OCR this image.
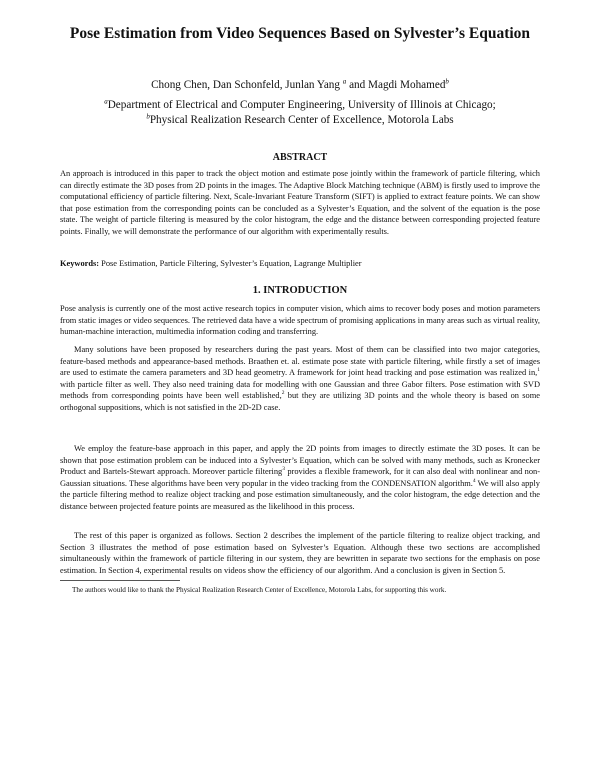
Pose Estimation from Video Sequences Based on Sylvester’s Equation
Chong Chen, Dan Schonfeld, Junlan Yang $^a$ and Magdi Mohamed$^b$
$^a$Department of Electrical and Computer Engineering, University of Illinois at Chicago;
$^b$Physical Realization Research Center of Excellence, Motorola Labs
ABSTRACT

An approach is introduced in this paper to track the object motion and estimate pose jointly within the framework of particle filtering, which can directly estimate the 3D poses from 2D points in the images. The Adaptive Block Matching technique (ABM) is firstly used to improve the computational efficiency of particle filtering. Next, Scale-Invariant Feature Transform (SIFT) is applied to extract feature points. We can show that pose estimation from the corresponding points can be concluded as a Sylvester’s Equation, and the solvent of the equation is the pose state. The weight of particle filtering is measured by the color histogram, the edge and the distance between corresponding projected feature points. Finally, we will demonstrate the performance of our algorithm with experimentally results.

Keywords: Pose Estimation, Particle Filtering, Sylvester’s Equation, Lagrange Multiplier

1. INTRODUCTION

Pose analysis is currently one of the most active research topics in computer vision, which aims to recover body poses and motion parameters from static images or video sequences. The retrieved data have a wide spectrum of promising applications in many areas such as virtual reality, human-machine interaction, multimedia information coding and transferring.

Many solutions have been proposed by researchers during the past years. Most of them can be classified into two major categories, feature-based methods and appearance-based methods. Braathen et. al. estimate pose state with particle filtering, while firstly a set of images are used to estimate the camera parameters and 3D head geometry. A framework for joint head tracking and pose estimation was realized in,$^1$ with particle filter as well. They also need training data for modelling with one Gaussian and three Gabor filters. Pose estimation with SVD methods from corresponding points have been well established,$^2$ but they are utilizing 3D points and the whole theory is based on some orthogonal suppositions, which is not satisfied in the 2D-2D case.

We employ the feature-base approach in this paper, and apply the 2D points from images to directly estimate the 3D poses. It can be shown that pose estimation problem can be induced into a Sylvester’s Equation, which can be solved with many methods, such as Kronecker Product and Bartels-Stewart approach. Moreover particle filtering$^3$ provides a flexible framework, for it can also deal with nonlinear and non-Gaussian situations. These algorithms have been very popular in the video tracking from the CONDENSATION algorithm.$^4$ We will also apply the particle filtering method to realize object tracking and pose estimation simultaneously, and the color histogram, the edge detection and the distance between projected feature points are measured as the likelihood in this process.

The rest of this paper is organized as follows. Section 2 describes the implement of the particle filtering to realize object tracking, and Section 3 illustrates the method of pose estimation based on Sylvester’s Equation. Although these two sections are accomplished simultaneously within the framework of particle filtering in our system, they are bewritten in separate two sections for the emphasis on pose estimation. In Section 4, experimental results on videos show the efficiency of our algorithm. And a conclusion is given in Section 5.

The authors would like to thank the Physical Realization Research Center of Excellence, Motorola Labs, for supporting this work.
